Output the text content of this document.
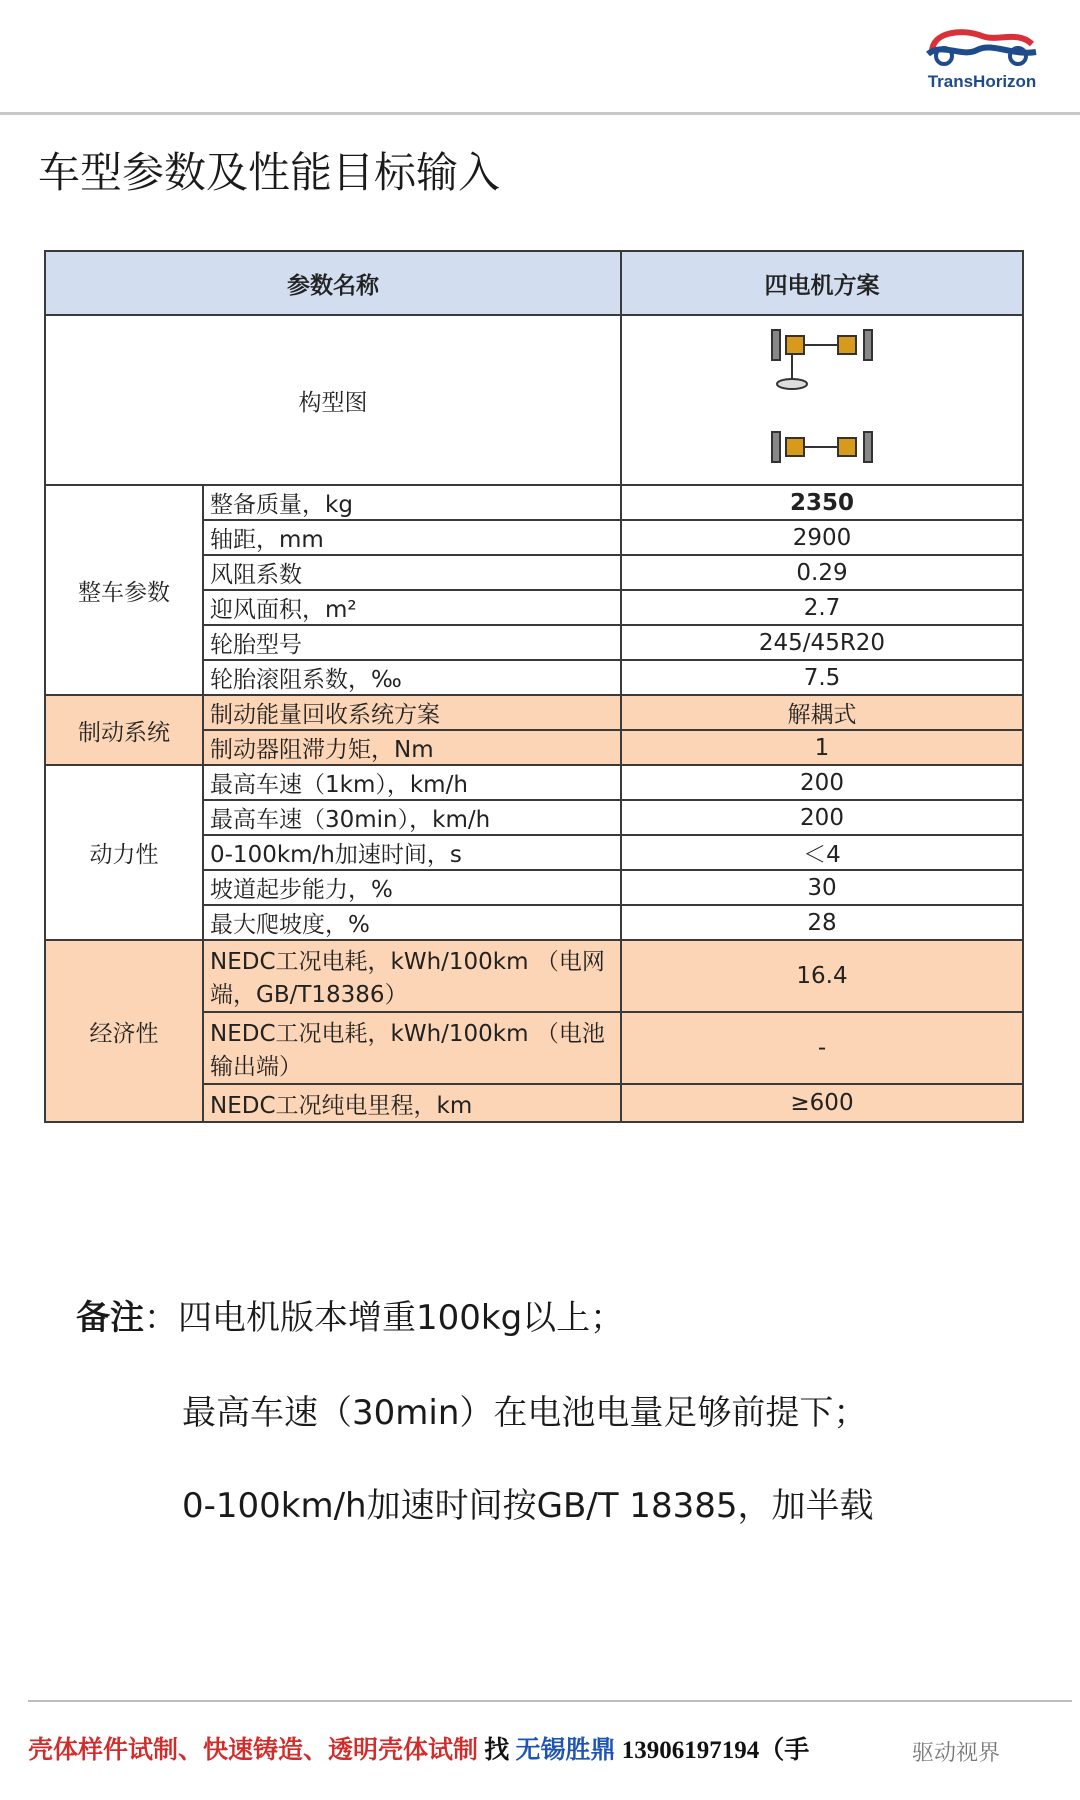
TransHorizon
车型参数及性能目标输入
参数名称		四电机方案
构型图	
整车参数	整备质量，kg	2350
	轴距，mm	2900
	风阻系数	0.29
	迎风面积，m²	2.7
	轮胎型号	245/45R20
	轮胎滚阻系数，‰	7.5
制动系统	制动能量回收系统方案	解耦式
	制动器阻滞力矩，Nm	1
动力性	最高车速（1km），km/h	200
	最高车速（30min），km/h	200
	0-100km/h加速时间，s	＜4
	坡道起步能力，%	30
	最大爬坡度，%	28
经济性	NEDC工况电耗，kWh/100km （电网端，GB/T18386）	16.4
	NEDC工况电耗，kWh/100km （电池输出端）	-
	NEDC工况纯电里程，km	≥600
备注：四电机版本增重100kg以上；
最高车速（30min）在电池电量足够前提下；
0-100km/h加速时间按GB/T 18385，加半载
壳体样件试制、快速铸造、透明壳体试制 找 无锡胜鼎 13906197194（手	驱动视界
